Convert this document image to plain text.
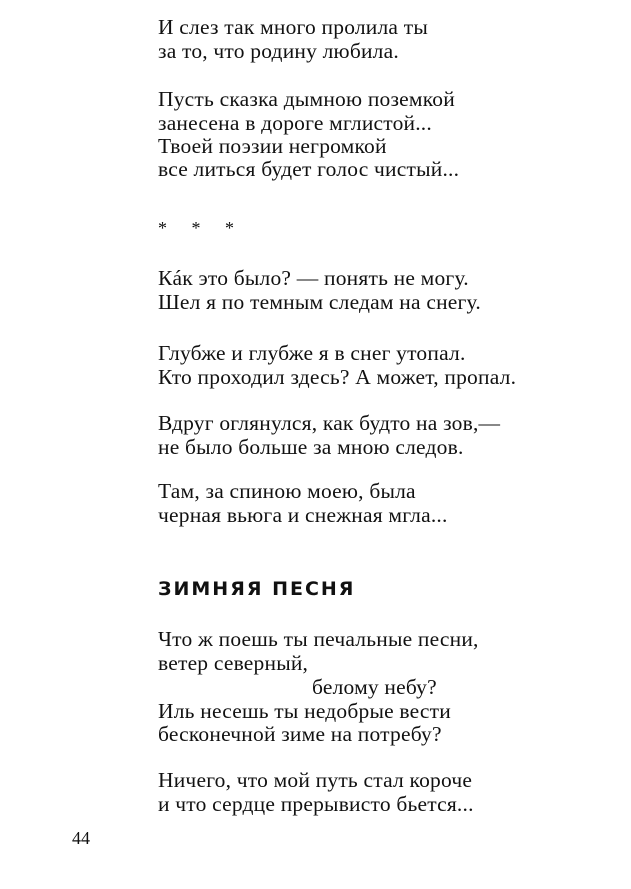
И слез так много пролила ты
за то, что родину любила.
Пусть сказка дымною поземкой
занесена в дороге мглистой...
Твоей поэзии негромкой
все литься будет голос чистый...
* * *
Кáк это было? — понять не могу.
Шел я по темным следам на снегу.
Глубже и глубже я в снег утопал.
Кто проходил здесь? А может, пропал.
Вдруг оглянулся, как будто на зов,—
не было больше за мною следов.
Там, за спиною моею, была
черная вьюга и снежная мгла...
ЗИМНЯЯ ПЕСНЯ
Что ж поешь ты печальные песни,
ветер северный,
белому небу?
Иль несешь ты недобрые вести
бесконечной зиме на потребу?
Ничего, что мой путь стал короче
и что сердце прерывисто бьется...
44
